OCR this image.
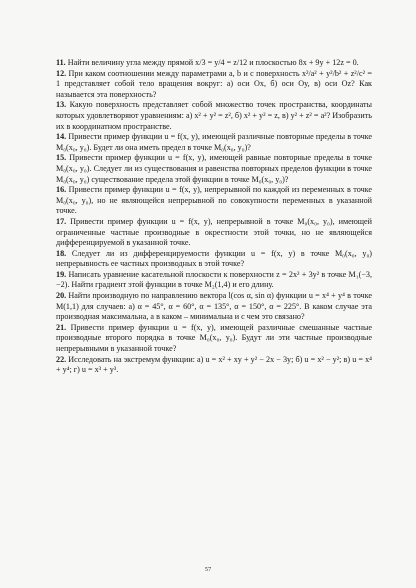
11. Найти величину угла между прямой x/3 = y/4 = z/12 и плоскостью 8x + 9y + 12z = 0.

12. При каком соотношении между параметрами a, b и c поверхность x²/a² + y²/b² + z²/c² = 1 представляет собой тело вращения вокруг: а) оси Ox, б) оси Oy, в) оси Oz? Как называется эта поверхность?

13. Какую поверхность представляет собой множество точек пространства, координаты которых удовлетворяют уравнениям: а) x² + y² = z², б) x² + y² = z, в) y² + z² = a²? Изобразить их в координатном пространстве.

14. Привести пример функции u = f(x, y), имеющей различные повторные пределы в точке M₀(x₀, y₀). Будет ли она иметь предел в точке M₀(x₀, y₀)?

15. Привести пример функции u = f(x, y), имеющей равные повторные пределы в точке M₀(x₀, y₀). Следует ли из существования и равенства повторных пределов функции в точке M₀(x₀, y₀) существование предела этой функции в точке M₀(x₀, y₀)?

16. Привести пример функции u = f(x, y), непрерывной по каждой из переменных в точке M₀(x₀, y₀), но не являющейся непрерывной по совокупности переменных в указанной точке.

17. Привести пример функции u = f(x, y), непрерывной в точке M₀(x₀, y₀), имеющей ограниченные частные производные в окрестности этой точки, но не являющейся дифференцируемой в указанной точке.

18. Следует ли из дифференцируемости функции u = f(x, y) в точке M₀(x₀, y₀) непрерывность ее частных производных в этой точке?

19. Написать уравнение касательной плоскости к поверхности z = 2x² + 3y² в точке M₁(−3, −2). Найти градиент этой функции в точке M₂(1,4) и его длину.

20. Найти производную по направлению вектора l(cos α, sin α) функции u = x⁴ + y⁴ в точке M(1,1) для случаев: а) α = 45°, α = 60°, α = 135°, α = 150°, α = 225°. В каком случае эта производная максимальна, а в каком – минимальна и с чем это связано?

21. Привести пример функции u = f(x, y), имеющей различные смешанные частные производные второго порядка в точке M₀(x₀, y₀). Будут ли эти частные производные непрерывными в указанной точке?

22. Исследовать на экстремум функции: а) u = x² + xy + y² − 2x − 3y; б) u = x² − y²; в) u = x⁴ + y⁴; г) u = x³ + y³.

57
